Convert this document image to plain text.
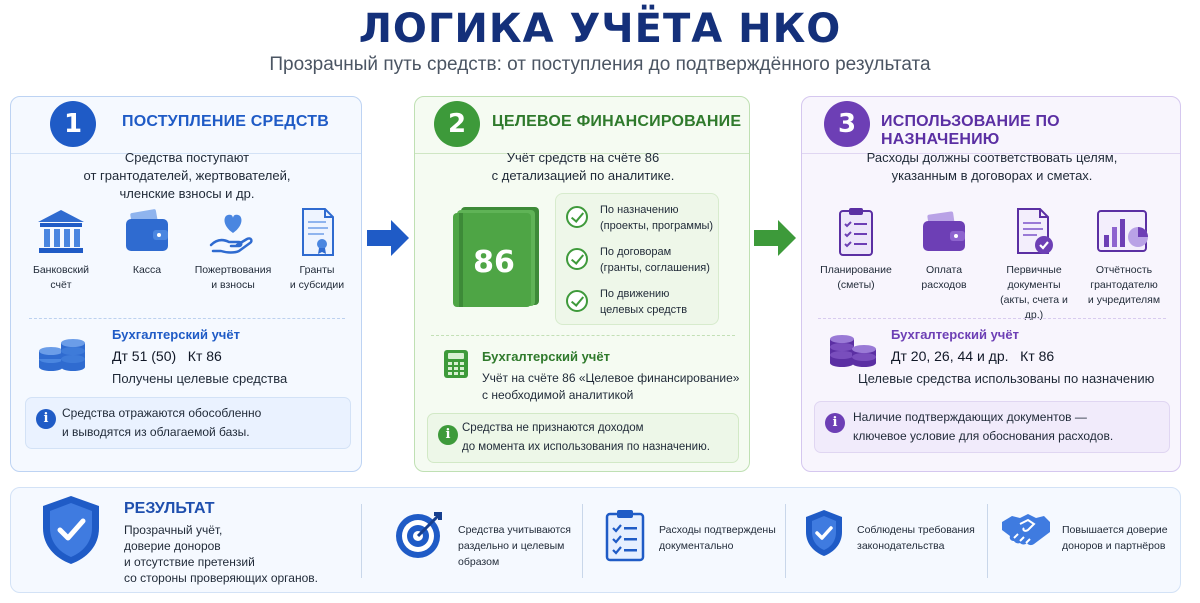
ЛОГИКА УЧЁТА НКО
Прозрачный путь средств: от поступления до подтверждённого результата
1	ПОСТУПЛЕНИЕ СРЕДСТВ
Средства поступают
от грантодателей, жертвователей,
членские взносы и др.
Банковский
счёт
Касса	Пожертвования
и взносы
Гранты
и субсидии
Бухгалтерский учёт
Дт 51 (50)   Кт 86
Получены целевые средства
i	Средства отражаются обособленно
и выводятся из облагаемой базы.
2	ЦЕЛЕВОЕ ФИНАНСИРОВАНИЕ
Учёт средств на счёте 86
с детализацией по аналитике.
86
По назначению
(проекты, программы)
По договорам
(гранты, соглашения)
По движению
целевых средств
Бухгалтерский учёт
Учёт на счёте 86 «Целевое финансирование»
с необходимой аналитикой
i	Средства не признаются доходом
до момента их использования по назначению.
3	ИСПОЛЬЗОВАНИЕ ПО НАЗНАЧЕНИЮ
Расходы должны соответствовать целям,
указанным в договорах и сметах.
Планирование
(сметы)
Оплата
расходов
Первичные
документы
(акты, счета и др.)
Отчётность
грантодателю
и учредителям
Бухгалтерский учёт
Дт 20, 26, 44 и др.   Кт 86
Целевые средства использованы по назначению
i	Наличие подтверждающих документов —
ключевое условие для обоснования расходов.
РЕЗУЛЬТАТ
Прозрачный учёт,
доверие доноров
и отсутствие претензий
со стороны проверяющих органов.
Средства учитываются
раздельно и целевым
образом
Расходы подтверждены
документально
Соблюдены требования
законодательства
Повышается доверие
доноров и партнёров
